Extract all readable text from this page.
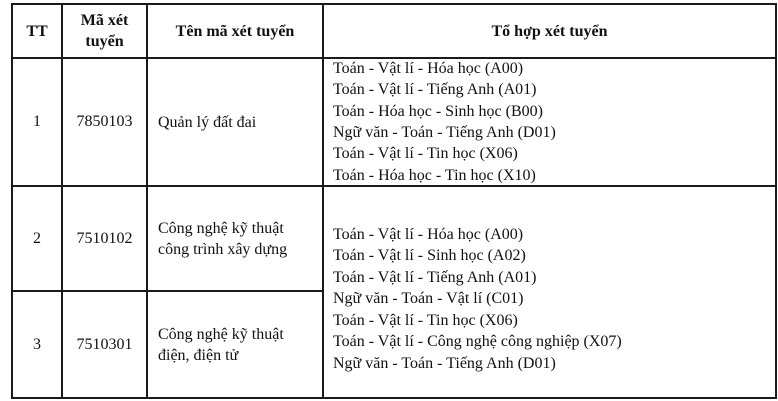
TT
Mã xét
tuyển
Tên mã xét tuyển	Tổ hợp xét tuyển
1 7850103 Quản lý đất đai
Toán - Vật lí - Hóa học (A00)
Toán - Vật lí - Tiếng Anh (A01)
Toán - Hóa học - Sinh học (B00)
Ngữ văn - Toán - Tiếng Anh (D01)
Toán - Vật lí - Tin học (X06)
Toán - Hóa học - Tin học (X10)
2 7510102
Công nghệ kỹ thuật
công trình xây dựng
3 7510301
Công nghệ kỹ thuật
điện, điện tử
Toán - Vật lí - Hóa học (A00)
Toán - Vật lí - Sinh học (A02)
Toán - Vật lí - Tiếng Anh (A01)
Ngữ văn - Toán - Vật lí (C01)
Toán - Vật lí - Tin học (X06)
Toán - Vật lí - Công nghệ công nghiệp (X07)
Ngữ văn - Toán - Tiếng Anh (D01)
